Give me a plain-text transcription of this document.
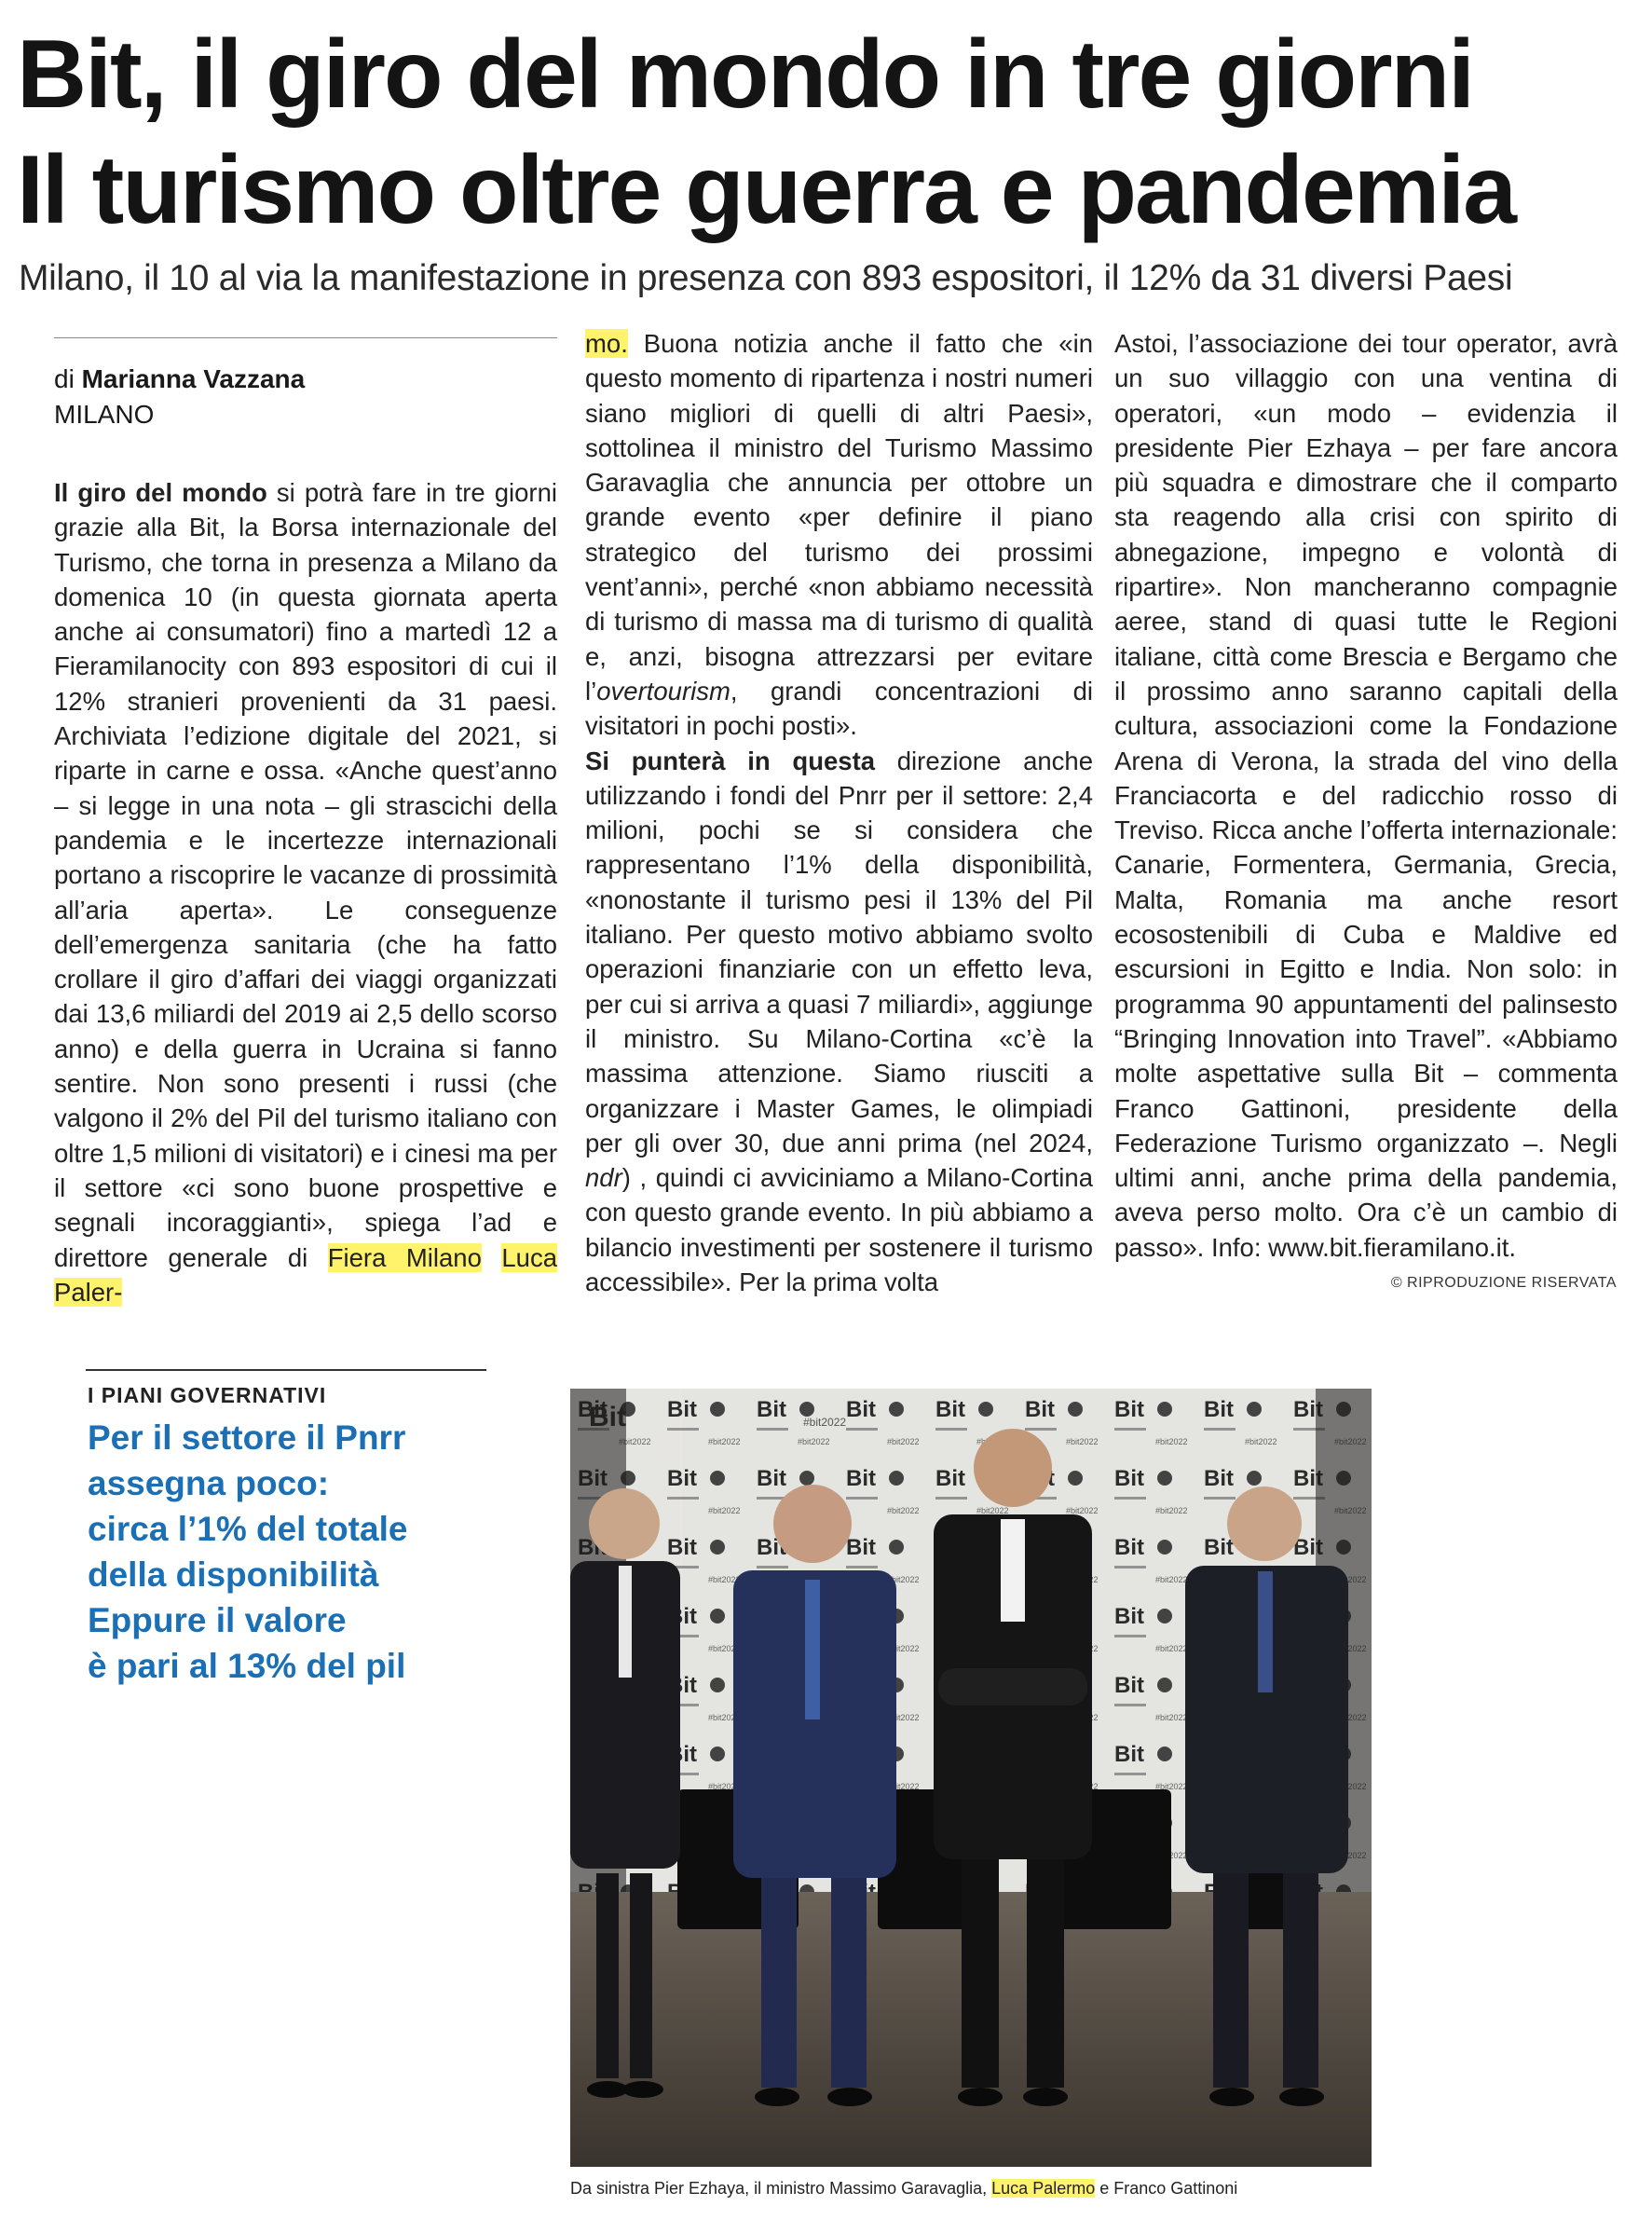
Bit, il giro del mondo in tre giorni
Il turismo oltre guerra e pandemia
Milano, il 10 al via la manifestazione in presenza con 893 espositori, il 12% da 31 diversi Paesi
di Marianna Vazzana
MILANO

Il giro del mondo si potrà fare in tre giorni grazie alla Bit, la Borsa internazionale del Turismo, che torna in presenza a Milano da domenica 10 (in questa giornata aperta anche ai consumatori) fino a martedì 12 a Fieramilanocity con 893 espositori di cui il 12% stranieri provenienti da 31 paesi. Archiviata l’edizione digitale del 2021, si riparte in carne e ossa. «Anche quest’anno – si legge in una nota – gli strascichi della pandemia e le incertezze internazionali portano a riscoprire le vacanze di prossimità all’aria aperta». Le conseguenze dell’emergenza sanitaria (che ha fatto crollare il giro d’affari dei viaggi organizzati dai 13,6 miliardi del 2019 ai 2,5 dello scorso anno) e della guerra in Ucraina si fanno sentire. Non sono presenti i russi (che valgono il 2% del Pil del turismo italiano con oltre 1,5 milioni di visitatori) e i cinesi ma per il settore «ci sono buone prospettive e segnali incoraggianti», spiega l’ad e direttore generale di Fiera Milano Luca Paler-

mo. Buona notizia anche il fatto che «in questo momento di ripartenza i nostri numeri siano migliori di quelli di altri Paesi», sottolinea il ministro del Turismo Massimo Garavaglia che annuncia per ottobre un grande evento «per definire il piano strategico del turismo dei prossimi vent’anni», perché «non abbiamo necessità di turismo di massa ma di turismo di qualità e, anzi, bisogna attrezzarsi per evitare l’overtourism, grandi concentrazioni di visitatori in pochi posti».

Si punterà in questa direzione anche utilizzando i fondi del Pnrr per il settore: 2,4 milioni, pochi se si considera che rappresentano l’1% della disponibilità, «nonostante il turismo pesi il 13% del Pil italiano. Per questo motivo abbiamo svolto operazioni finanziarie con un effetto leva, per cui si arriva a quasi 7 miliardi», aggiunge il ministro. Su Milano-Cortina «c’è la massima attenzione. Siamo riusciti a organizzare i Master Games, le olimpiadi per gli over 30, due anni prima (nel 2024, ndr) , quindi ci avviciniamo a Milano-Cortina con questo grande evento. In più abbiamo a bilancio investimenti per sostenere il turismo accessibile». Per la prima volta

Astoi, l’associazione dei tour operator, avrà un suo villaggio con una ventina di operatori, «un modo – evidenzia il presidente Pier Ezhaya – per fare ancora più squadra e dimostrare che il comparto sta reagendo alla crisi con spirito di abnegazione, impegno e volontà di ripartire». Non mancheranno compagnie aeree, stand di quasi tutte le Regioni italiane, città come Brescia e Bergamo che il prossimo anno saranno capitali della cultura, associazioni come la Fondazione Arena di Verona, la strada del vino della Franciacorta e del radicchio rosso di Treviso. Ricca anche l’offerta internazionale: Canarie, Formentera, Germania, Grecia, Malta, Romania ma anche resort ecosostenibili di Cuba e Maldive ed escursioni in Egitto e India. Non solo: in programma 90 appuntamenti del palinsesto “Bringing Innovation into Travel”. «Abbiamo molte aspettative sulla Bit – commenta Franco Gattinoni, presidente della Federazione Turismo organizzato –. Negli ultimi anni, anche prima della pandemia, aveva perso molto. Ora c’è un cambio di passo». Info: www.bit.fieramilano.it.

© RIPRODUZIONE RISERVATA
I PIANI GOVERNATIVI
Per il settore il Pnrr
assegna poco:
circa l’1% del totale
della disponibilità
Eppure il valore
è pari al 13% del pil
Bit	#bit2022
Da sinistra Pier Ezhaya, il ministro Massimo Garavaglia, Luca Palermo e Franco Gattinoni
